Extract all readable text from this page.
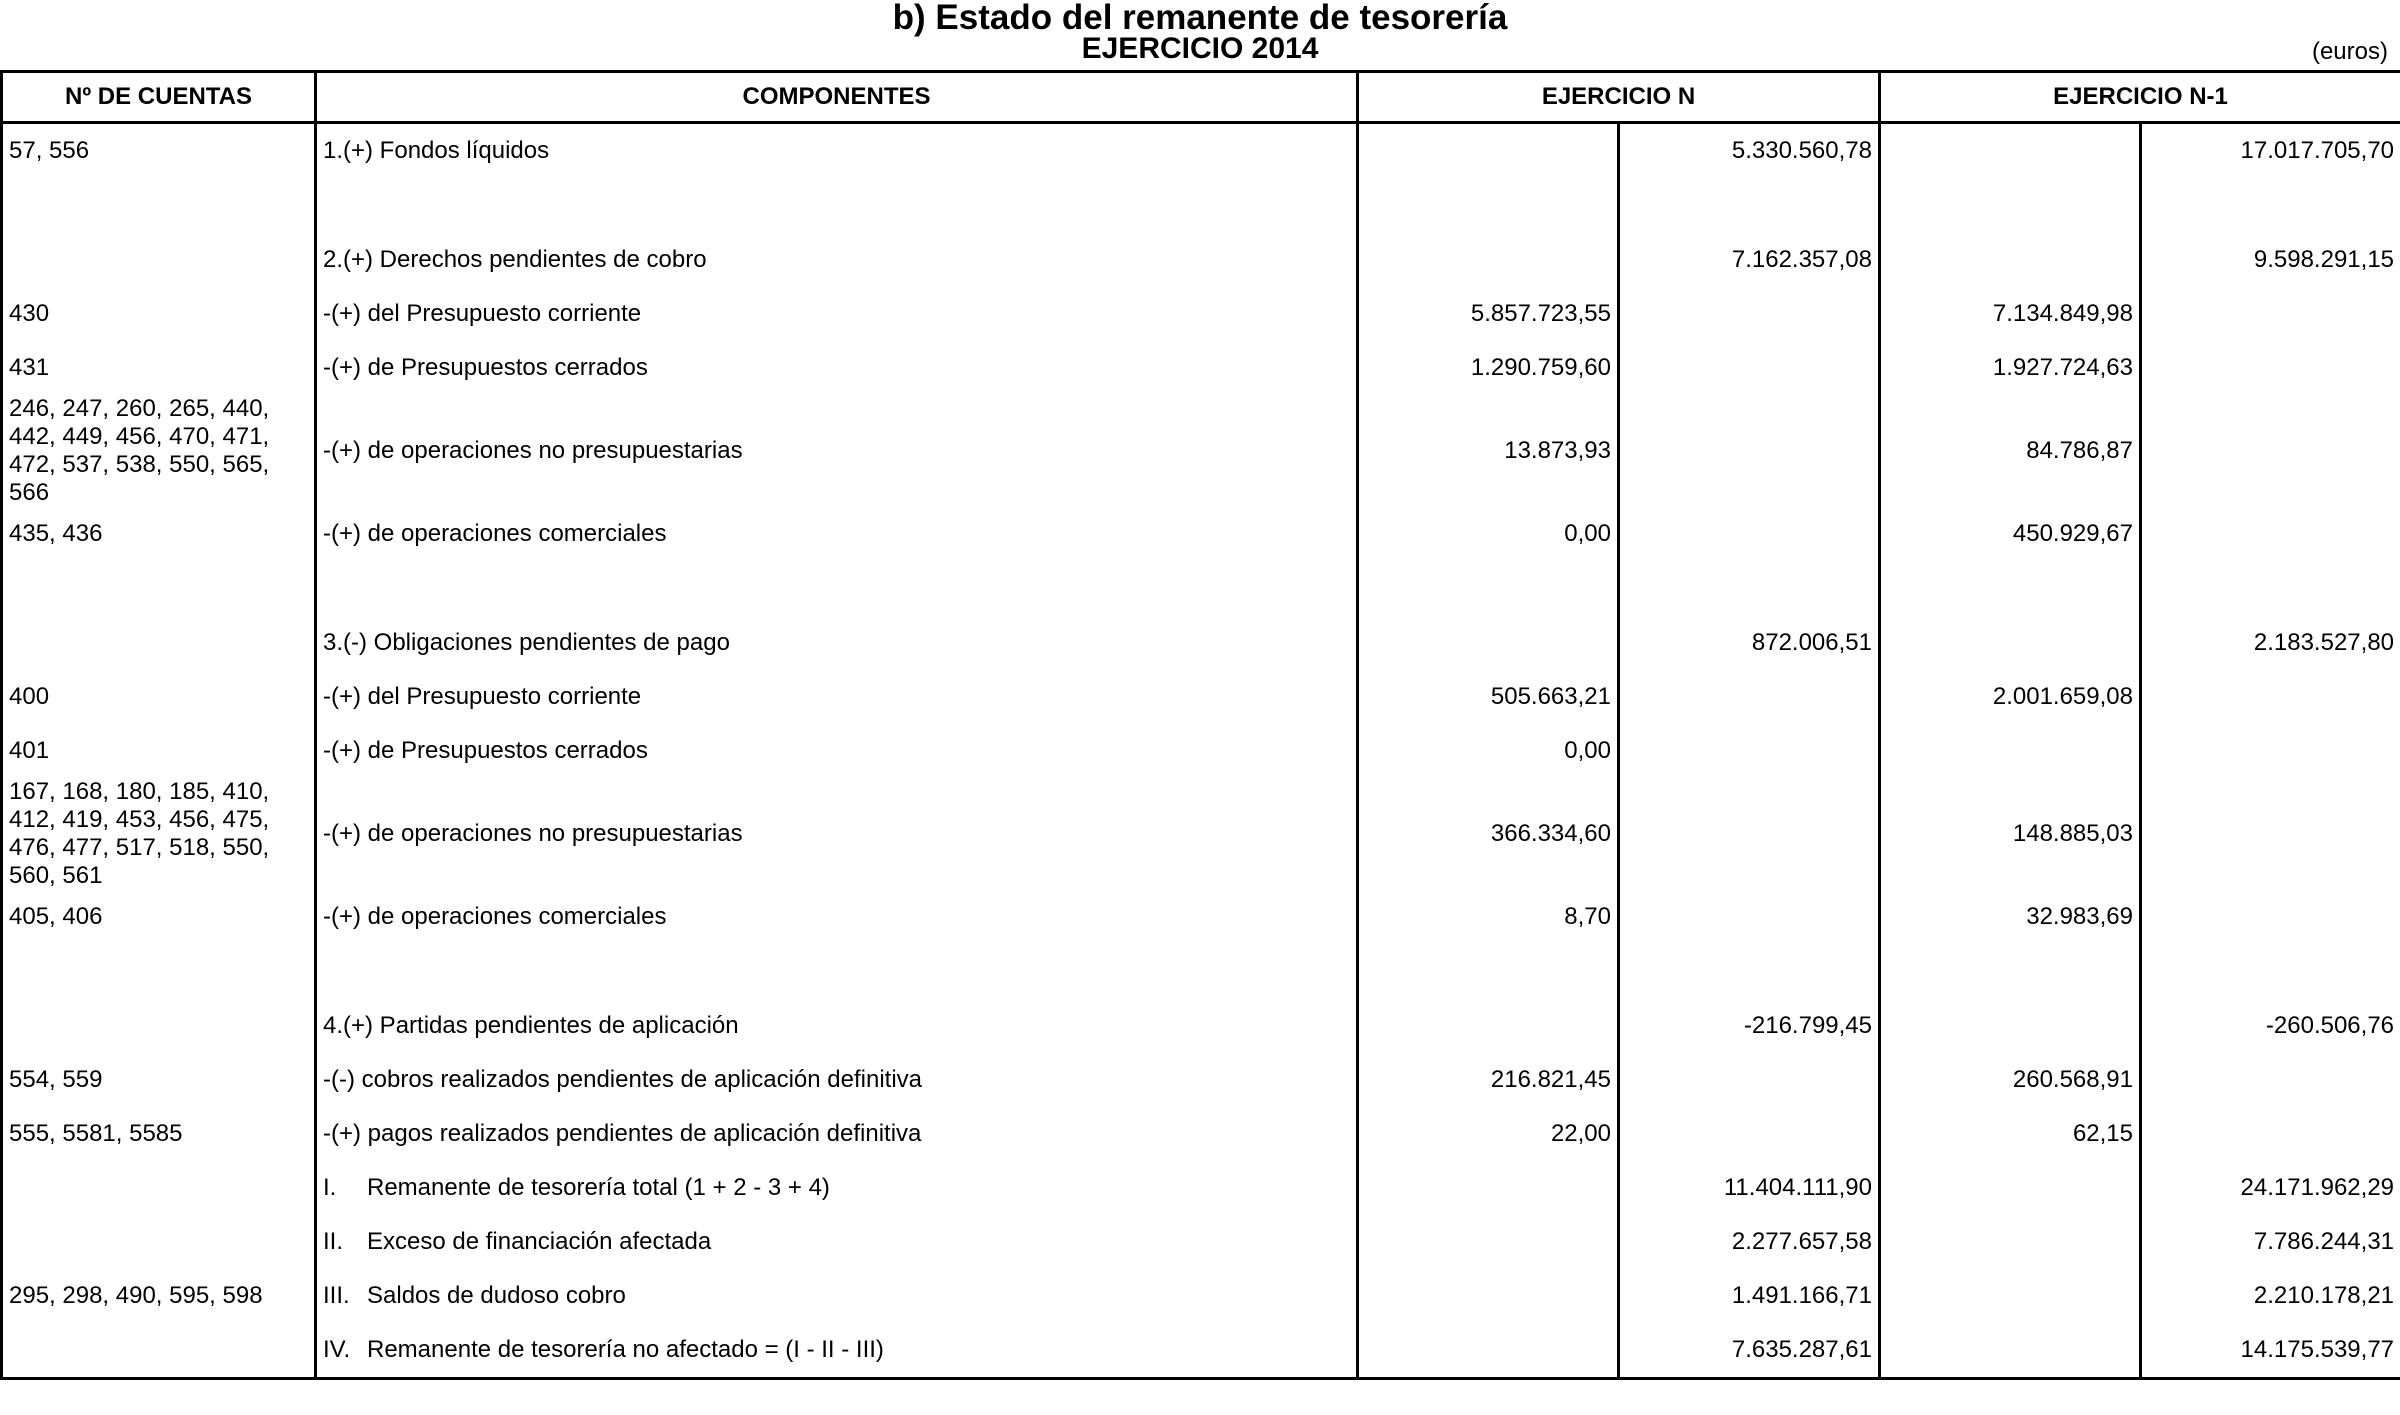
b) Estado del remanente de tesorería
EJERCICIO 2014	(euros)
Nº DE CUENTAS	COMPONENTES	EJERCICIO N		EJERCICIO N-1	
57, 556	1.(+) Fondos líquidos		5.330.560,78		17.017.705,70

	2.(+) Derechos pendientes de cobro		7.162.357,08		9.598.291,15
430	-(+) del Presupuesto corriente	5.857.723,55		7.134.849,98	
431	-(+) de Presupuestos cerrados	1.290.759,60		1.927.724,63	
246, 247, 260, 265, 440, 442, 449, 456, 470, 471, 472, 537, 538, 550, 565, 566	-(+) de operaciones no presupuestarias	13.873,93		84.786,87	
435, 436	-(+) de operaciones comerciales	0,00		450.929,67	

	3.(-) Obligaciones pendientes de pago		872.006,51		2.183.527,80
400	-(+) del Presupuesto corriente	505.663,21		2.001.659,08	
401	-(+) de Presupuestos cerrados	0,00			
167, 168, 180, 185, 410, 412, 419, 453, 456, 475, 476, 477, 517, 518, 550, 560, 561	-(+) de operaciones no presupuestarias	366.334,60		148.885,03	
405, 406	-(+) de operaciones comerciales	8,70		32.983,69	

	4.(+) Partidas pendientes de aplicación		-216.799,45		-260.506,76
554, 559	-(-) cobros realizados pendientes de aplicación definitiva	216.821,45		260.568,91	
555, 5581, 5585	-(+) pagos realizados pendientes de aplicación definitiva	22,00		62,15	
	I. Remanente de tesorería total (1 + 2 - 3 + 4)		11.404.111,90		24.171.962,29
	II. Exceso de financiación afectada		2.277.657,58		7.786.244,31
295, 298, 490, 595, 598	III. Saldos de dudoso cobro		1.491.166,71		2.210.178,21
	IV. Remanente de tesorería no afectado = (I - II - III)		7.635.287,61		14.175.539,77
